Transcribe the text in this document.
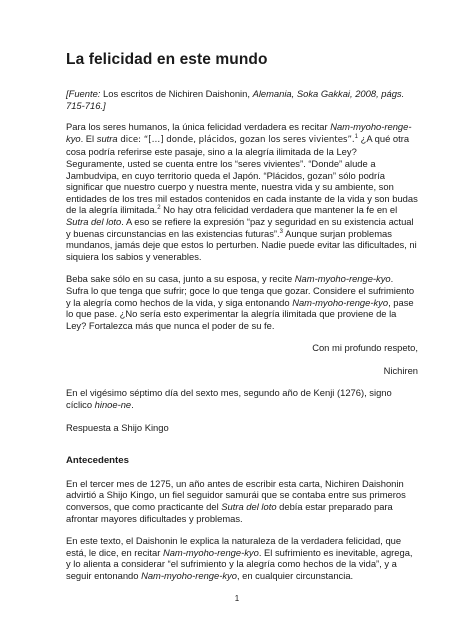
La felicidad en este mundo

[Fuente: Los escritos de Nichiren Daishonin, Alemania, Soka Gakkai, 2008, págs. 715-716.]

Para los seres humanos, la única felicidad verdadera es recitar Nam-myoho-renge-kyo. El sutra dice: “[…] donde, plácidos, gozan los seres vivientes”.$^1$ ¿A qué otra cosa podría referirse este pasaje, sino a la alegría ilimitada de la Ley? Seguramente, usted se cuenta entre los “seres vivientes”. “Donde” alude a Jambudvipa, en cuyo territorio queda el Japón. “Plácidos, gozan” sólo podría significar que nuestro cuerpo y nuestra mente, nuestra vida y su ambiente, son entidades de los tres mil estados contenidos en cada instante de la vida y son budas de la alegría ilimitada.$^2$ No hay otra felicidad verdadera que mantener la fe en el Sutra del loto. A eso se refiere la expresión “paz y seguridad en su existencia actual y buenas circunstancias en las existencias futuras”.$^3$ Aunque surjan problemas mundanos, jamás deje que estos lo perturben. Nadie puede evitar las dificultades, ni siquiera los sabios y venerables.

Beba sake sólo en su casa, junto a su esposa, y recite Nam-myoho-renge-kyo. Sufra lo que tenga que sufrir; goce lo que tenga que gozar. Considere el sufrimiento y la alegría como hechos de la vida, y siga entonando Nam-myoho-renge-kyo, pase lo que pase. ¿No sería esto experimentar la alegría ilimitada que proviene de la Ley? Fortalezca más que nunca el poder de su fe.

Con mi profundo respeto,

Nichiren

En el vigésimo séptimo día del sexto mes, segundo año de Kenji (1276), signo cíclico hinoe-ne.

Respuesta a Shijo Kingo

Antecedentes

En el tercer mes de 1275, un año antes de escribir esta carta, Nichiren Daishonin advirtió a Shijo Kingo, un fiel seguidor samurái que se contaba entre sus primeros conversos, que como practicante del Sutra del loto debía estar preparado para afrontar mayores dificultades y problemas.

En este texto, el Daishonin le explica la naturaleza de la verdadera felicidad, que está, le dice, en recitar Nam-myoho-renge-kyo. El sufrimiento es inevitable, agrega, y lo alienta a considerar “el sufrimiento y la alegría como hechos de la vida”, y a seguir entonando Nam-myoho-renge-kyo, en cualquier circunstancia.

1
